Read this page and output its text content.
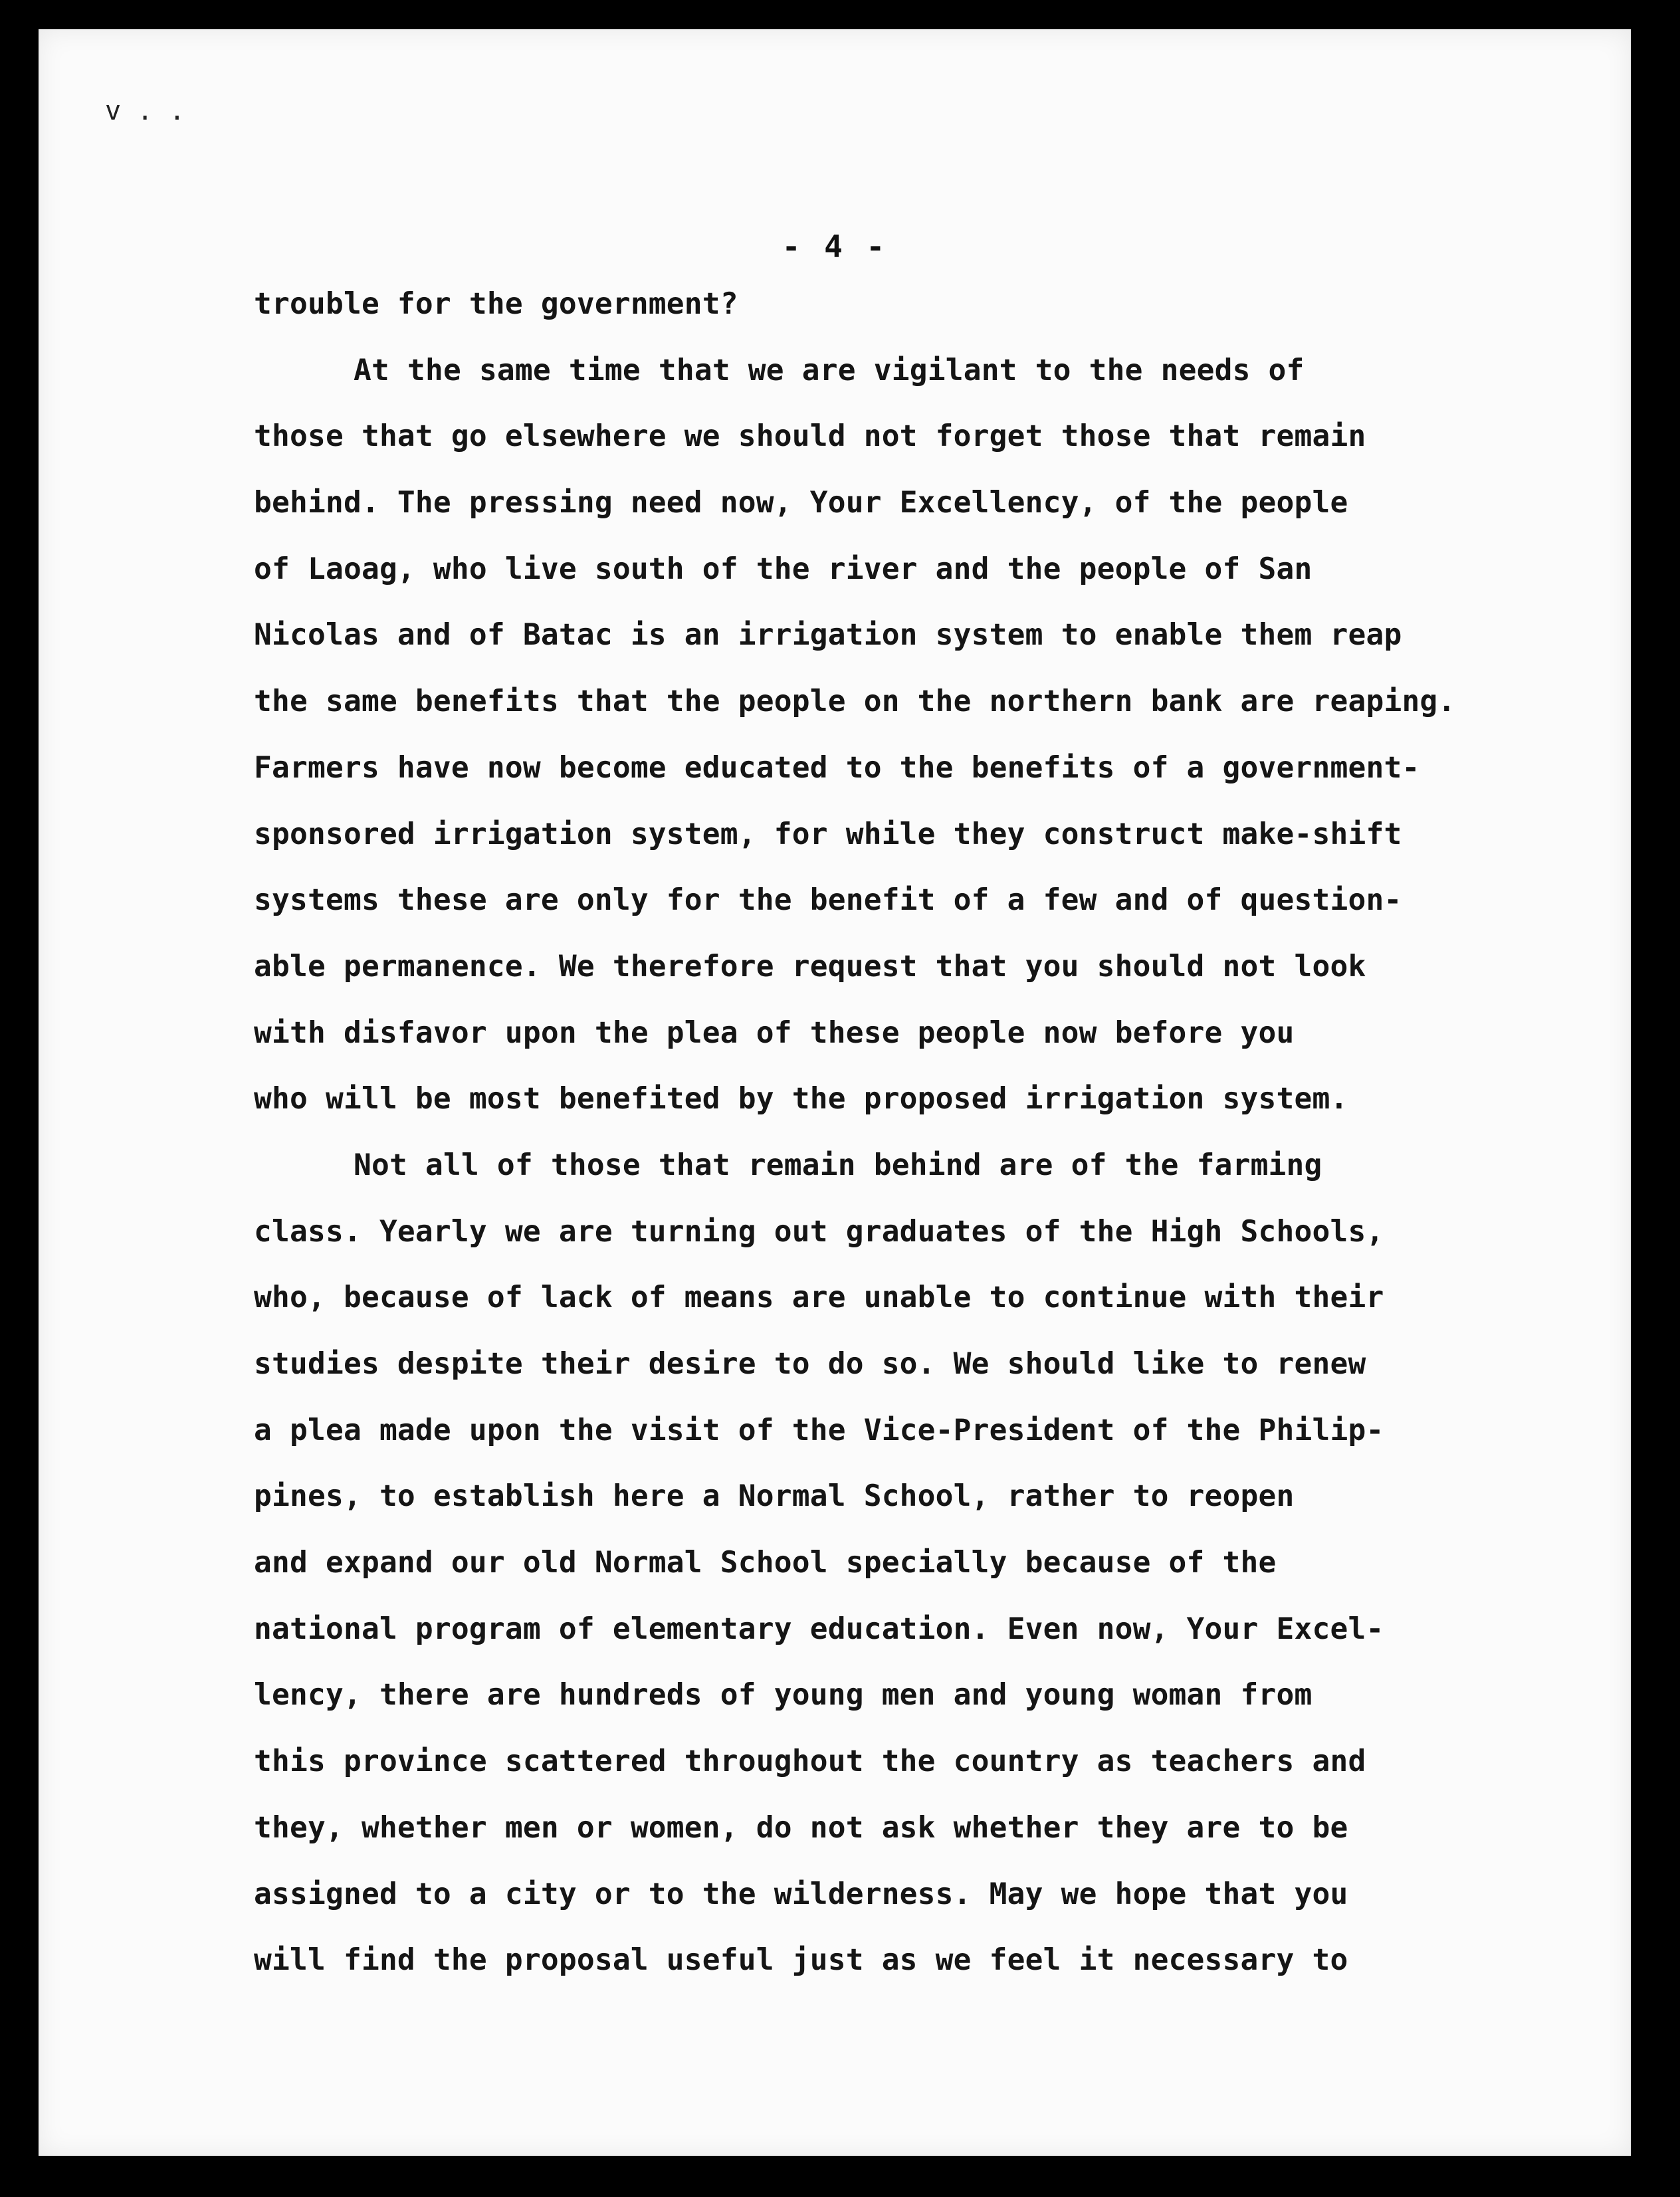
v . .
- 4 -
trouble for the government?
At the same time that we are vigilant to the needs of
those that go elsewhere we should not forget those that remain
behind. The pressing need now, Your Excellency, of the people
of Laoag, who live south of the river and the people of San
Nicolas and of Batac is an irrigation system to enable them reap
the same benefits that the people on the northern bank are reaping.
Farmers have now become educated to the benefits of a government-
sponsored irrigation system, for while they construct make-shift
systems these are only for the benefit of a few and of question-
able permanence. We therefore request that you should not look
with disfavor upon the plea of these people now before you
who will be most benefited by the proposed irrigation system.
Not all of those that remain behind are of the farming
class. Yearly we are turning out graduates of the High Schools,
who, because of lack of means are unable to continue with their
studies despite their desire to do so. We should like to renew
a plea made upon the visit of the Vice-President of the Philip-
pines, to establish here a Normal School, rather to reopen
and expand our old Normal School specially because of the
national program of elementary education. Even now, Your Excel-
lency, there are hundreds of young men and young woman from
this province scattered throughout the country as teachers and
they, whether men or women, do not ask whether they are to be
assigned to a city or to the wilderness. May we hope that you
will find the proposal useful just as we feel it necessary to
